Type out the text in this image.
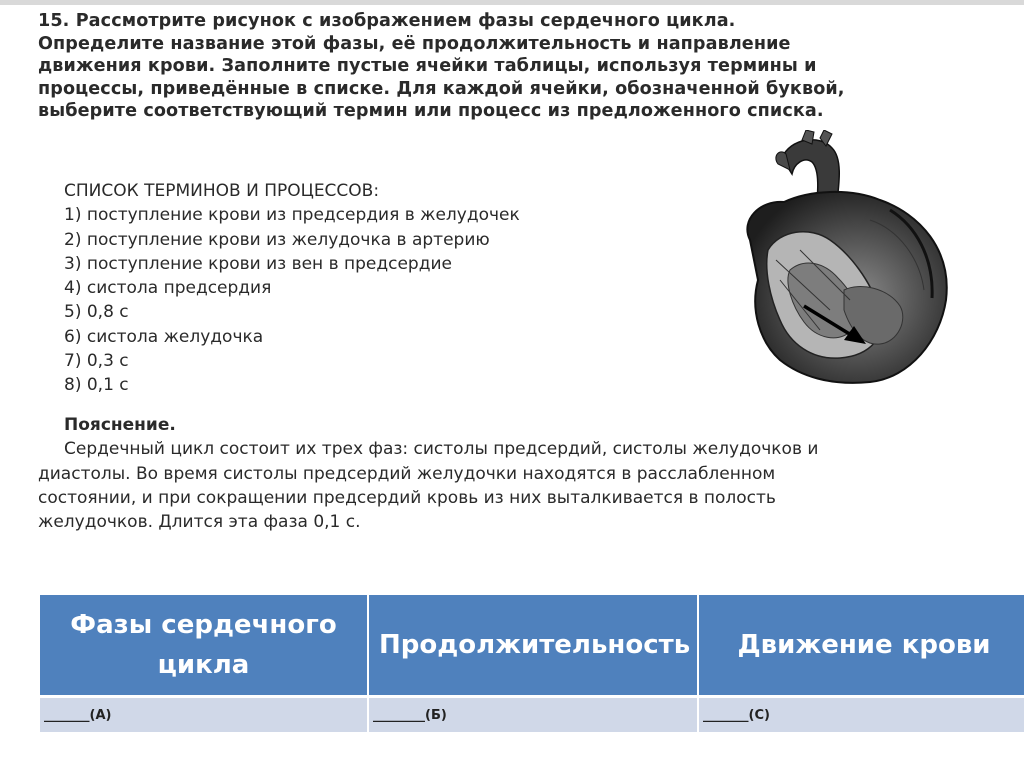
15. Рассмотрите рисунок с изображением фазы сердечного цикла.
Определите название этой фазы, её продолжительность и направление
движения крови. Заполните пустые ячейки таблицы, используя термины и
процессы, приведённые в списке. Для каждой ячейки, обозначенной буквой,
выберите соответствующий термин или процесс из предложенного списка.
СПИСОК ТЕРМИНОВ И ПРОЦЕССОВ:
1) поступление крови из предсердия в желудочек
2) поступление крови из желудочка в артерию
3) поступление крови из вен в предсердие
4) систола предсердия
5) 0,8 с
6) систола желудочка
7) 0,3 с
8) 0,1 с
Пояснение.
Сердечный цикл состоит их трех фаз: систолы предсердий, систолы желудочков и
диастолы. Во время систолы предсердий желудочки находятся в расслабленном
состоянии, и при сокращении предсердий кровь из них выталкивается в полость
желудочков. Длится эта фаза 0,1 с.
Фазы сердечного цикла	Продолжительность	Движение крови
_______(А)	________(Б)	_______(С)
